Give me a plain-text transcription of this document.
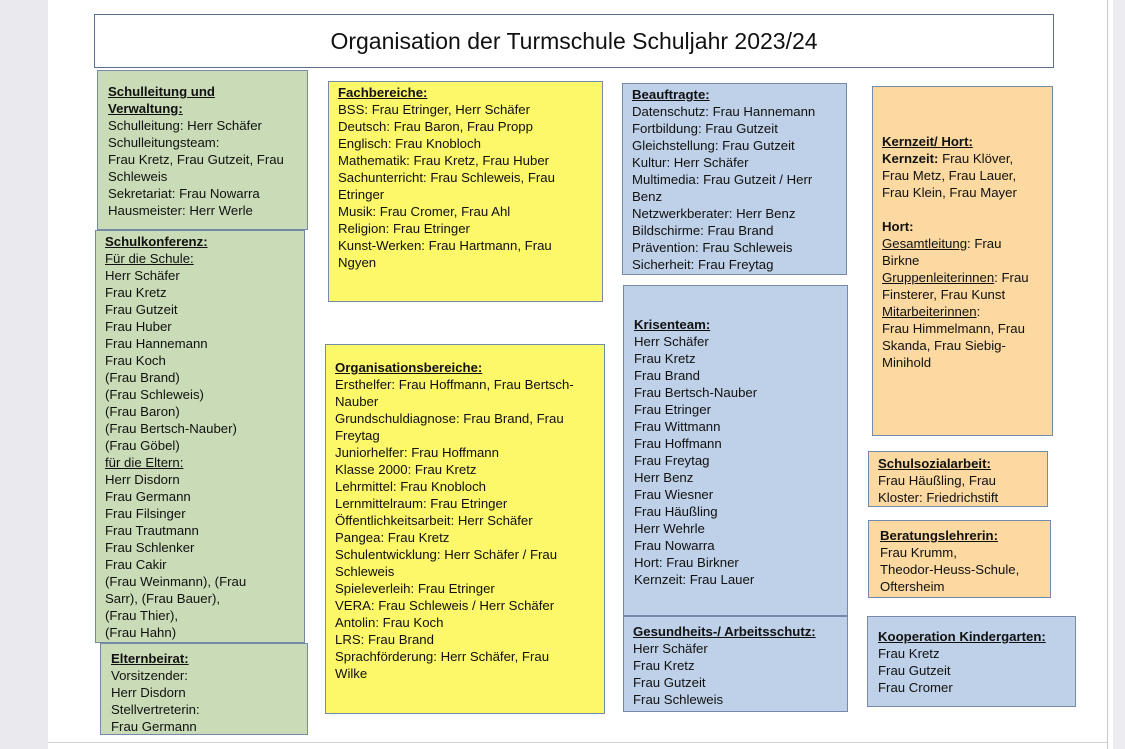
Organisation der Turmschule Schuljahr 2023/24
Schulleitung und
Verwaltung:
Schulleitung: Herr Schäfer
Schulleitungsteam:
Frau Kretz, Frau Gutzeit, Frau
Schleweis
Sekretariat: Frau Nowarra
Hausmeister: Herr Werle
Schulkonferenz:
Für die Schule:
Herr Schäfer
Frau Kretz
Frau Gutzeit
Frau Huber
Frau Hannemann
Frau Koch
(Frau Brand)
(Frau Schleweis)
(Frau Baron)
(Frau Bertsch-Nauber)
(Frau Göbel)
für die Eltern:
Herr Disdorn
Frau Germann
Frau Filsinger
Frau Trautmann
Frau Schlenker
Frau Cakir
(Frau Weinmann), (Frau
Sarr), (Frau Bauer),
(Frau Thier),
(Frau Hahn)
Elternbeirat:
Vorsitzender:
Herr Disdorn
Stellvertreterin:
Frau Germann
Fachbereiche:
BSS: Frau Etringer, Herr Schäfer
Deutsch: Frau Baron, Frau Propp
Englisch: Frau Knobloch
Mathematik: Frau Kretz, Frau Huber
Sachunterricht: Frau Schleweis, Frau
Etringer
Musik: Frau Cromer, Frau Ahl
Religion: Frau Etringer
Kunst-Werken: Frau Hartmann, Frau
Ngyen
Organisationsbereiche:
Ersthelfer: Frau Hoffmann, Frau Bertsch-
Nauber
Grundschuldiagnose: Frau Brand, Frau
Freytag
Juniorhelfer: Frau Hoffmann
Klasse 2000: Frau Kretz
Lehrmittel: Frau Knobloch
Lernmittelraum: Frau Etringer
Öffentlichkeitsarbeit: Herr Schäfer
Pangea: Frau Kretz
Schulentwicklung: Herr Schäfer / Frau
Schleweis
Spieleverleih: Frau Etringer
VERA: Frau Schleweis / Herr Schäfer
Antolin: Frau Koch
LRS: Frau Brand
Sprachförderung: Herr Schäfer, Frau
Wilke
Beauftragte:
Datenschutz: Frau Hannemann
Fortbildung: Frau Gutzeit
Gleichstellung: Frau Gutzeit
Kultur: Herr Schäfer
Multimedia: Frau Gutzeit / Herr
Benz
Netzwerkberater: Herr Benz
Bildschirme: Frau Brand
Prävention: Frau Schleweis
Sicherheit: Frau Freytag
Krisenteam:
Herr Schäfer
Frau Kretz
Frau Brand
Frau Bertsch-Nauber
Frau Etringer
Frau Wittmann
Frau Hoffmann
Frau Freytag
Herr Benz
Frau Wiesner
Frau Häußling
Herr Wehrle
Frau Nowarra
Hort: Frau Birkner
Kernzeit: Frau Lauer
Gesundheits-/ Arbeitsschutz:
Herr Schäfer
Frau Kretz
Frau Gutzeit
Frau Schleweis
Kernzeit/ Hort:
Kernzeit: Frau Klöver,
Frau Metz, Frau Lauer,
Frau Klein, Frau Mayer

Hort:
Gesamtleitung: Frau
Birkne
Gruppenleiterinnen: Frau
Finsterer, Frau Kunst
Mitarbeiterinnen:
Frau Himmelmann, Frau
Skanda, Frau Siebig-
Minihold
Schulsozialarbeit:
Frau Häußling, Frau
Kloster: Friedrichstift
Beratungslehrerin:
Frau Krumm,
Theodor-Heuss-Schule,
Oftersheim
Kooperation Kindergarten:
Frau Kretz
Frau Gutzeit
Frau Cromer
